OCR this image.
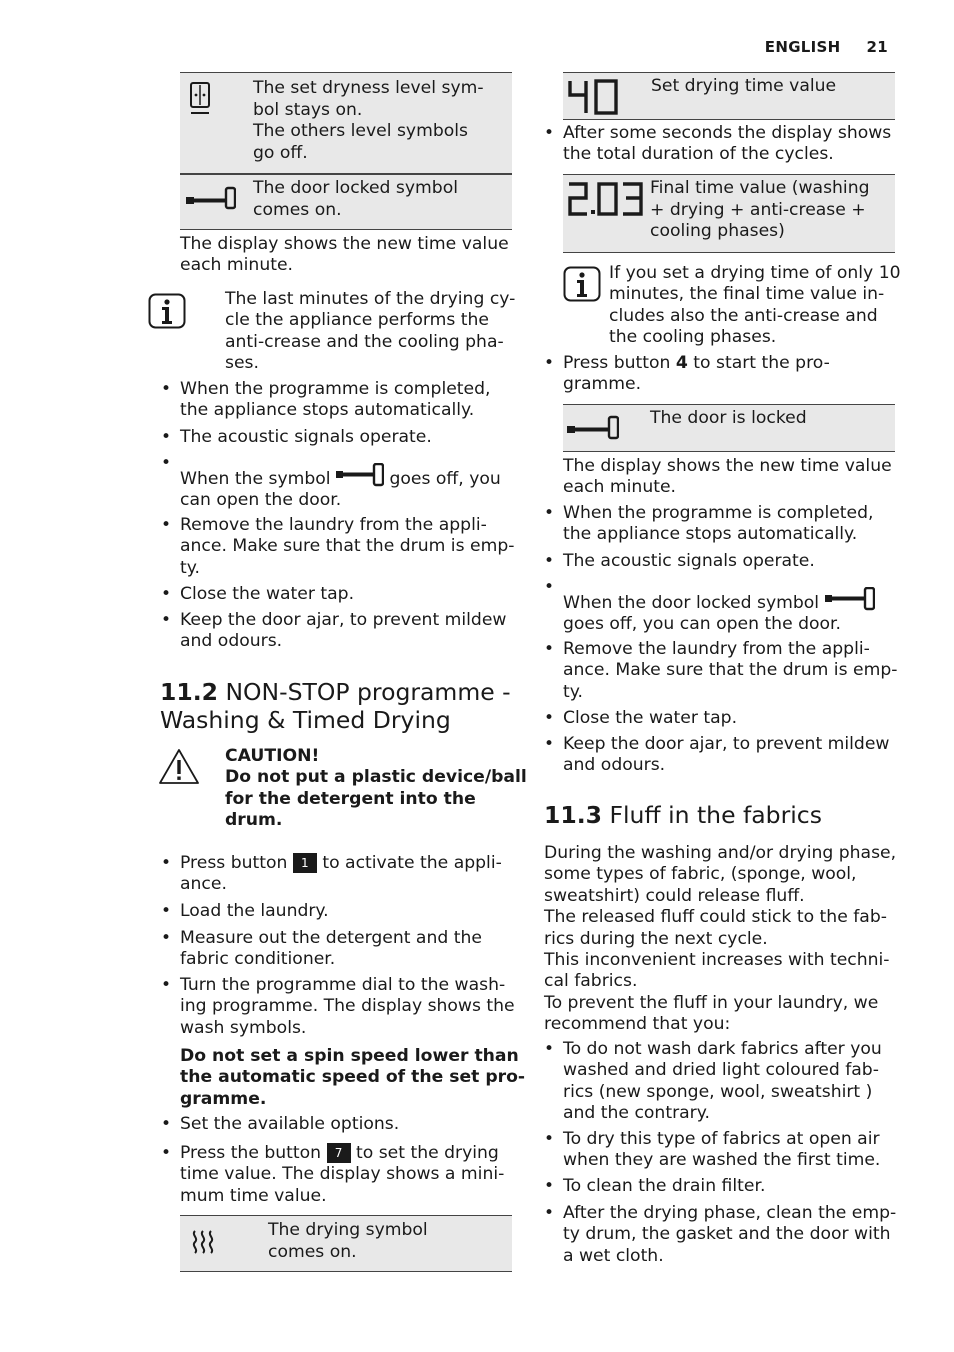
ENGLISH 21
The set dryness level sym-
bol stays on.
The others level symbols
go off.
The door locked symbol
comes on.
The display shows the new time value
each minute.
The last minutes of the drying cy-
cle the appliance performs the
anti-crease and the cooling pha-
ses.
• When the programme is completed,
the appliance stops automatically.
• The acoustic signals operate.
• When the symbol	goes off, you
can open the door.
• Remove the laundry from the appli-
ance. Make sure that the drum is emp-
ty.
• Close the water tap.
• Keep the door ajar, to prevent mildew
and odours.
11.2 NON-STOP programme -
Washing & Timed Drying
CAUTION!
Do not put a plastic device/ball
for the detergent into the
drum.
• Press button 1 to activate the appli-
ance.
• Load the laundry.
• Measure out the detergent and the
fabric conditioner.
• Turn the programme dial to the wash-
ing programme. The display shows the
wash symbols.
Do not set a spin speed lower than
the automatic speed of the set pro-
gramme.
• Set the available options.
• Press the button 7 to set the drying
time value. The display shows a mini-
mum time value.
The drying symbol
comes on.
Set drying time value
• After some seconds the display shows
the total duration of the cycles.
Final time value (washing
+ drying + anti-crease +
cooling phases)
If you set a drying time of only 10
minutes, the final time value in-
cludes also the anti-crease and
the cooling phases.
• Press button 4 to start the pro-
gramme.
The door is locked
The display shows the new time value
each minute.
• When the programme is completed,
the appliance stops automatically.
• The acoustic signals operate.
• When the door locked symbol
goes off, you can open the door.
• Remove the laundry from the appli-
ance. Make sure that the drum is emp-
ty.
• Close the water tap.
• Keep the door ajar, to prevent mildew
and odours.
11.3 Fluff in the fabrics
During the washing and/or drying phase,
some types of fabric, (sponge, wool,
sweatshirt) could release fluff.
The released fluff could stick to the fab-
rics during the next cycle.
This inconvenient increases with techni-
cal fabrics.
To prevent the fluff in your laundry, we
recommend that you:
• To do not wash dark fabrics after you
washed and dried light coloured fab-
rics (new sponge, wool, sweatshirt )
and the contrary.
• To dry this type of fabrics at open air
when they are washed the first time.
• To clean the drain filter.
• After the drying phase, clean the emp-
ty drum, the gasket and the door with
a wet cloth.
